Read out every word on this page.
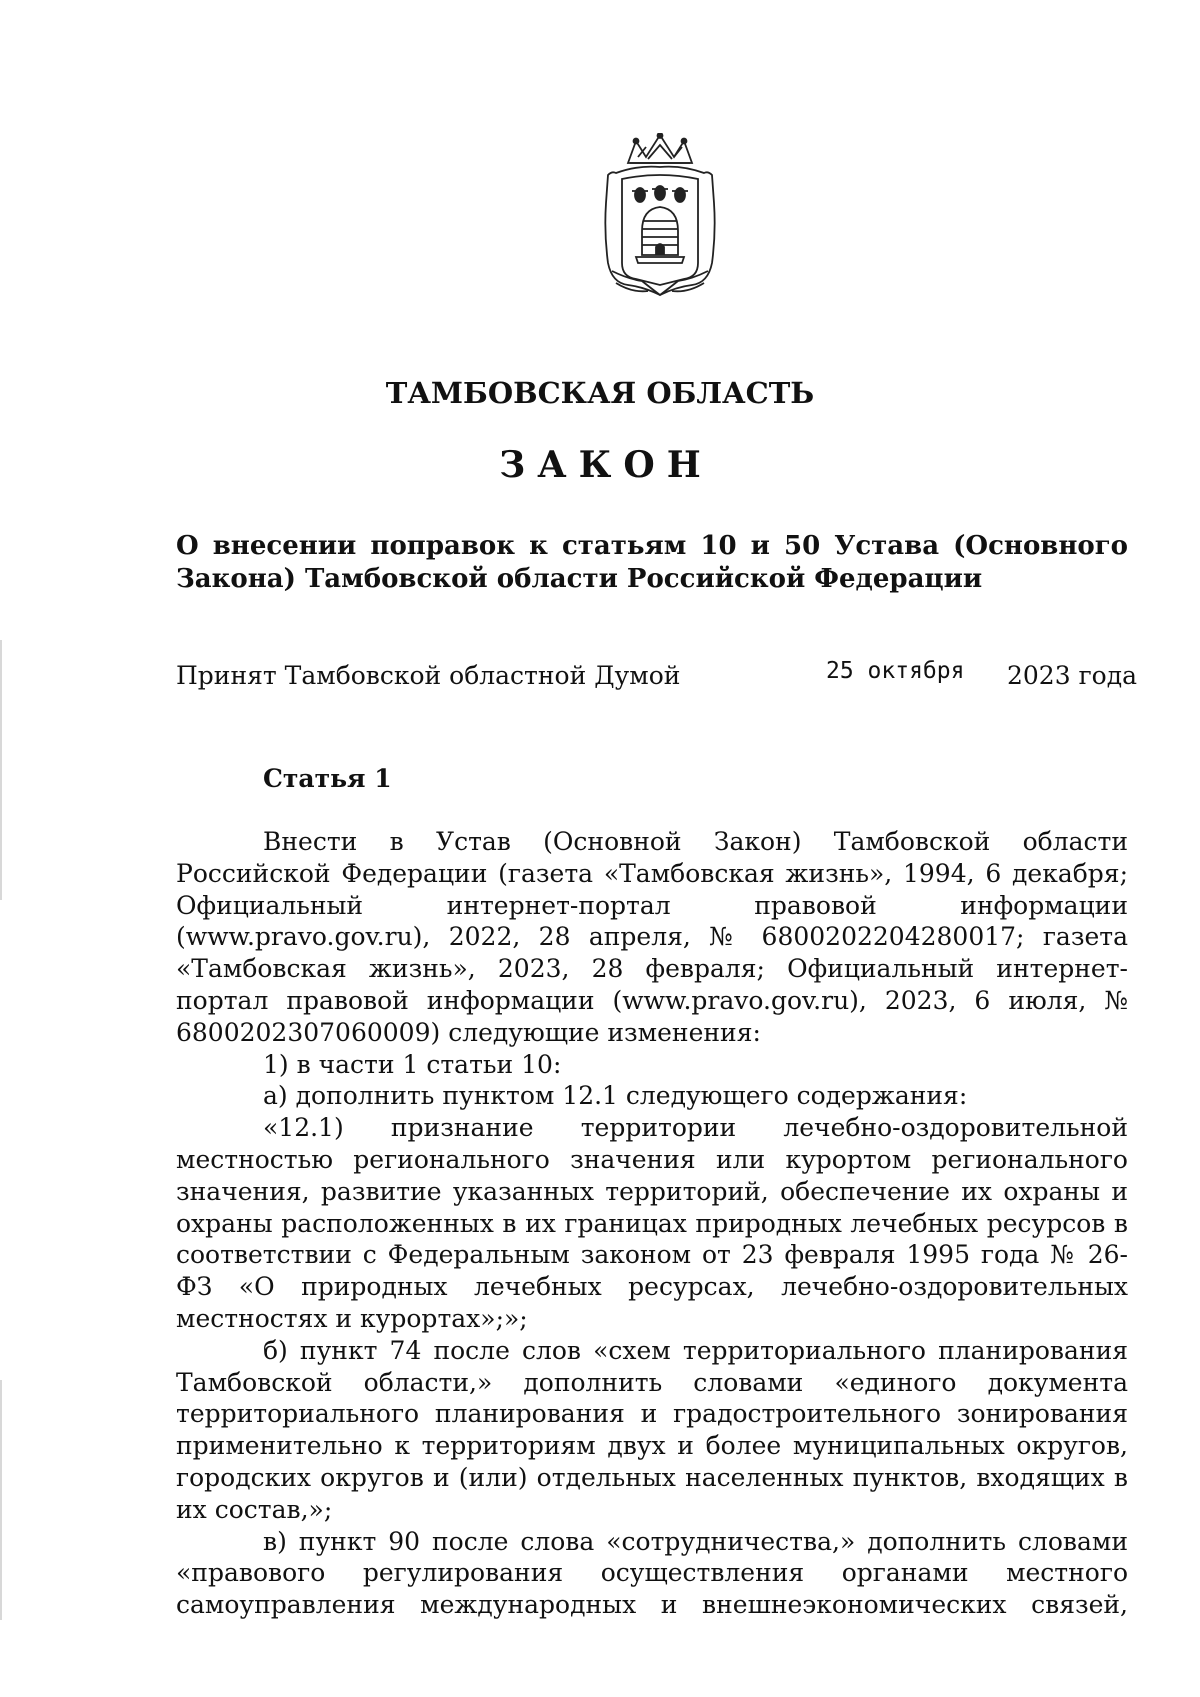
ТАМБОВСКАЯ ОБЛАСТЬ
ЗАКОН
О внесении поправок к статьям 10 и 50 Устава (Основного Закона) Тамбовской области Российской Федерации
Принят Тамбовской областной Думой	25 октября 2023 года
Статья 1

Внести в Устав (Основной Закон) Тамбовской области Российской Федерации (газета «Тамбовская жизнь», 1994, 6 декабря; Официальный интернет-портал правовой информации (www.pravo.gov.ru), 2022, 28 апреля, № 6800202204280017; газета «Тамбовская жизнь», 2023, 28 февраля; Официальный интернет-портал правовой информации (www.pravo.gov.ru), 2023, 6 июля, № 6800202307060009) следующие изменения:

1) в части 1 статьи 10:

а) дополнить пунктом 12.1 следующего содержания:

«12.1) признание территории лечебно-оздоровительной местностью регионального значения или курортом регионального значения, развитие указанных территорий, обеспечение их охраны и охраны расположенных в их границах природных лечебных ресурсов в соответствии с Федеральным законом от 23 февраля 1995 года № 26-ФЗ «О природных лечебных ресурсах, лечебно-оздоровительных местностях и курортах»;»;

б) пункт 74 после слов «схем территориального планирования Тамбовской области,» дополнить словами «единого документа территориального планирования и градостроительного зонирования применительно к территориям двух и более муниципальных округов, городских округов и (или) отдельных населенных пунктов, входящих в их состав,»;

в) пункт 90 после слова «сотрудничества,» дополнить словами «правового регулирования осуществления органами местного самоуправления международных и внешнеэкономических связей,
